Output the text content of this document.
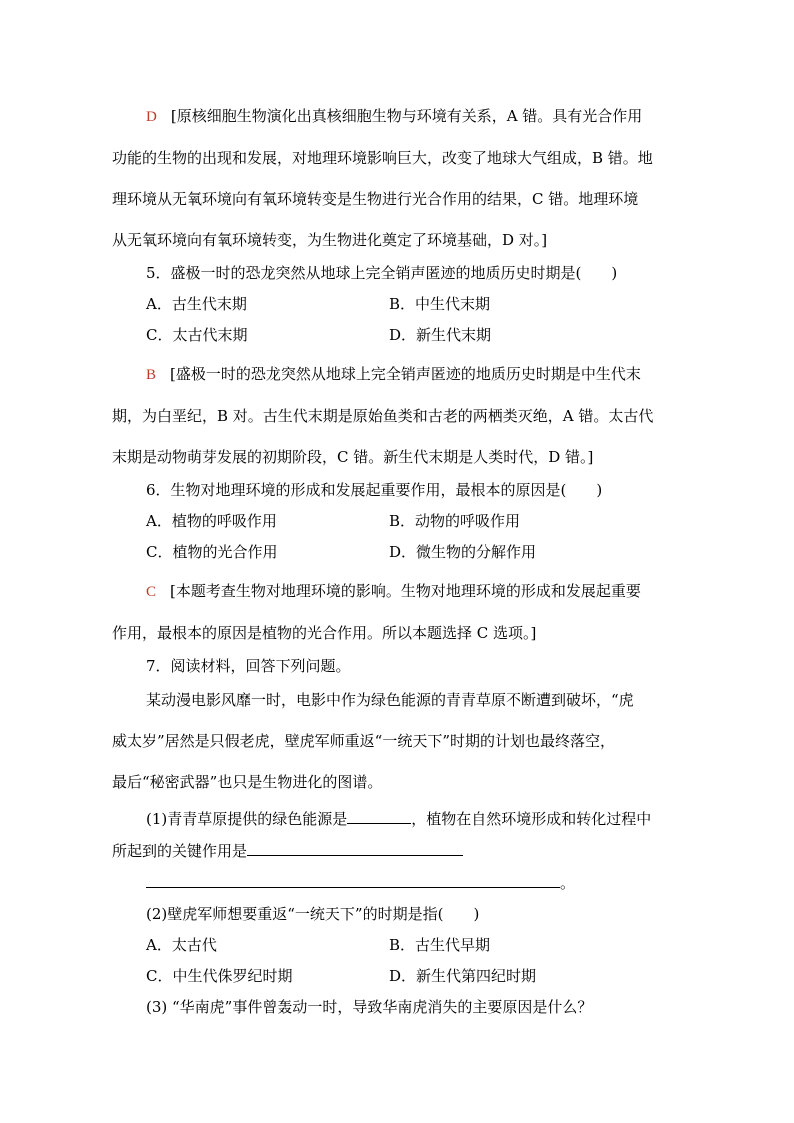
D [原核细胞生物演化出真核细胞生物与环境有关系，A 错。具有光合作用
功能的生物的出现和发展，对地理环境影响巨大，改变了地球大气组成，B 错。地
理环境从无氧环境向有氧环境转变是生物进行光合作用的结果，C 错。地理环境
从无氧环境向有氧环境转变，为生物进化奠定了环境基础，D 对。]
5．盛极一时的恐龙突然从地球上完全销声匿迹的地质历史时期是(　　)
A．古生代末期	B．中生代末期
C．太古代末期	D．新生代末期
B [盛极一时的恐龙突然从地球上完全销声匿迹的地质历史时期是中生代末
期，为白垩纪，B 对。古生代末期是原始鱼类和古老的两栖类灭绝，A 错。太古代
末期是动物萌芽发展的初期阶段，C 错。新生代末期是人类时代，D 错。]
6．生物对地理环境的形成和发展起重要作用，最根本的原因是(　　)
A．植物的呼吸作用	B．动物的呼吸作用
C．植物的光合作用	D．微生物的分解作用
C [本题考查生物对地理环境的影响。生物对地理环境的形成和发展起重要
作用，最根本的原因是植物的光合作用。所以本题选择 C 选项。]
7．阅读材料，回答下列问题。
某动漫电影风靡一时，电影中作为绿色能源的青青草原不断遭到破坏，“虎
威太岁”居然是只假老虎，壁虎军师重返“一统天下”时期的计划也最终落空，
最后“秘密武器”也只是生物进化的图谱。
(1)青青草原提供的绿色能源是	，植物在自然环境形成和转化过程中
所起到的关键作用是
。
(2)壁虎军师想要重返“一统天下”的时期是指(　　)
A．太古代	B．古生代早期
C．中生代侏罗纪时期	D．新生代第四纪时期
(3) “华南虎”事件曾轰动一时，导致华南虎消失的主要原因是什么？
